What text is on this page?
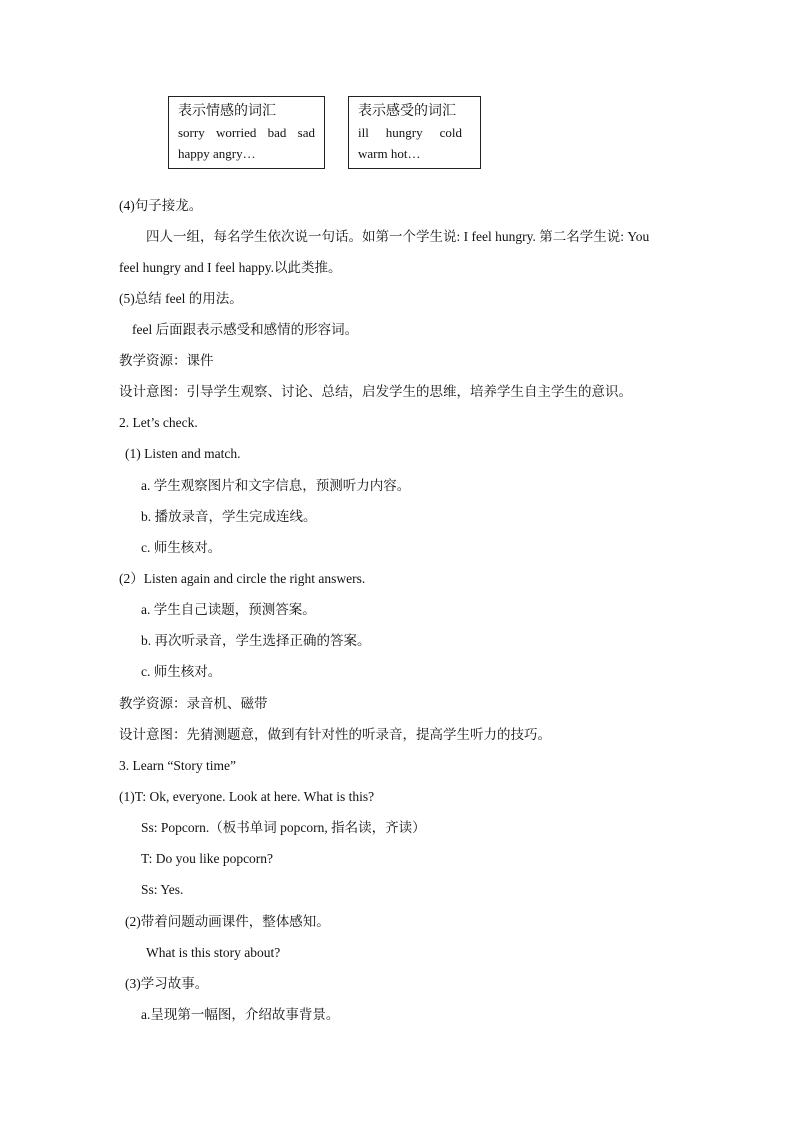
表示情感的词汇
sorry worried bad sad
happy angry…
表示感受的词汇
ill hungry cold
warm hot…
(4)句子接龙。
四人一组，每名学生依次说一句话。如第一个学生说: I feel hungry. 第二名学生说: You
feel hungry and I feel happy.以此类推。
(5)总结 feel 的用法。
feel 后面跟表示感受和感情的形容词。
教学资源：课件
设计意图：引导学生观察、讨论、总结，启发学生的思维，培养学生自主学生的意识。
2. Let’s check.
(1) Listen and match.
a. 学生观察图片和文字信息，预测听力内容。
b. 播放录音，学生完成连线。
c. 师生核对。
(2）Listen again and circle the right answers.
a. 学生自己读题，预测答案。
b. 再次听录音，学生选择正确的答案。
c. 师生核对。
教学资源：录音机、磁带
设计意图：先猜测题意，做到有针对性的听录音，提高学生听力的技巧。
3. Learn “Story time”
(1)T: Ok, everyone. Look at here. What is this?
Ss: Popcorn.（板书单词 popcorn, 指名读，齐读）
T: Do you like popcorn?
Ss: Yes.
(2)带着问题动画课件，整体感知。
What is this story about?
(3)学习故事。
a.呈现第一幅图，介绍故事背景。
